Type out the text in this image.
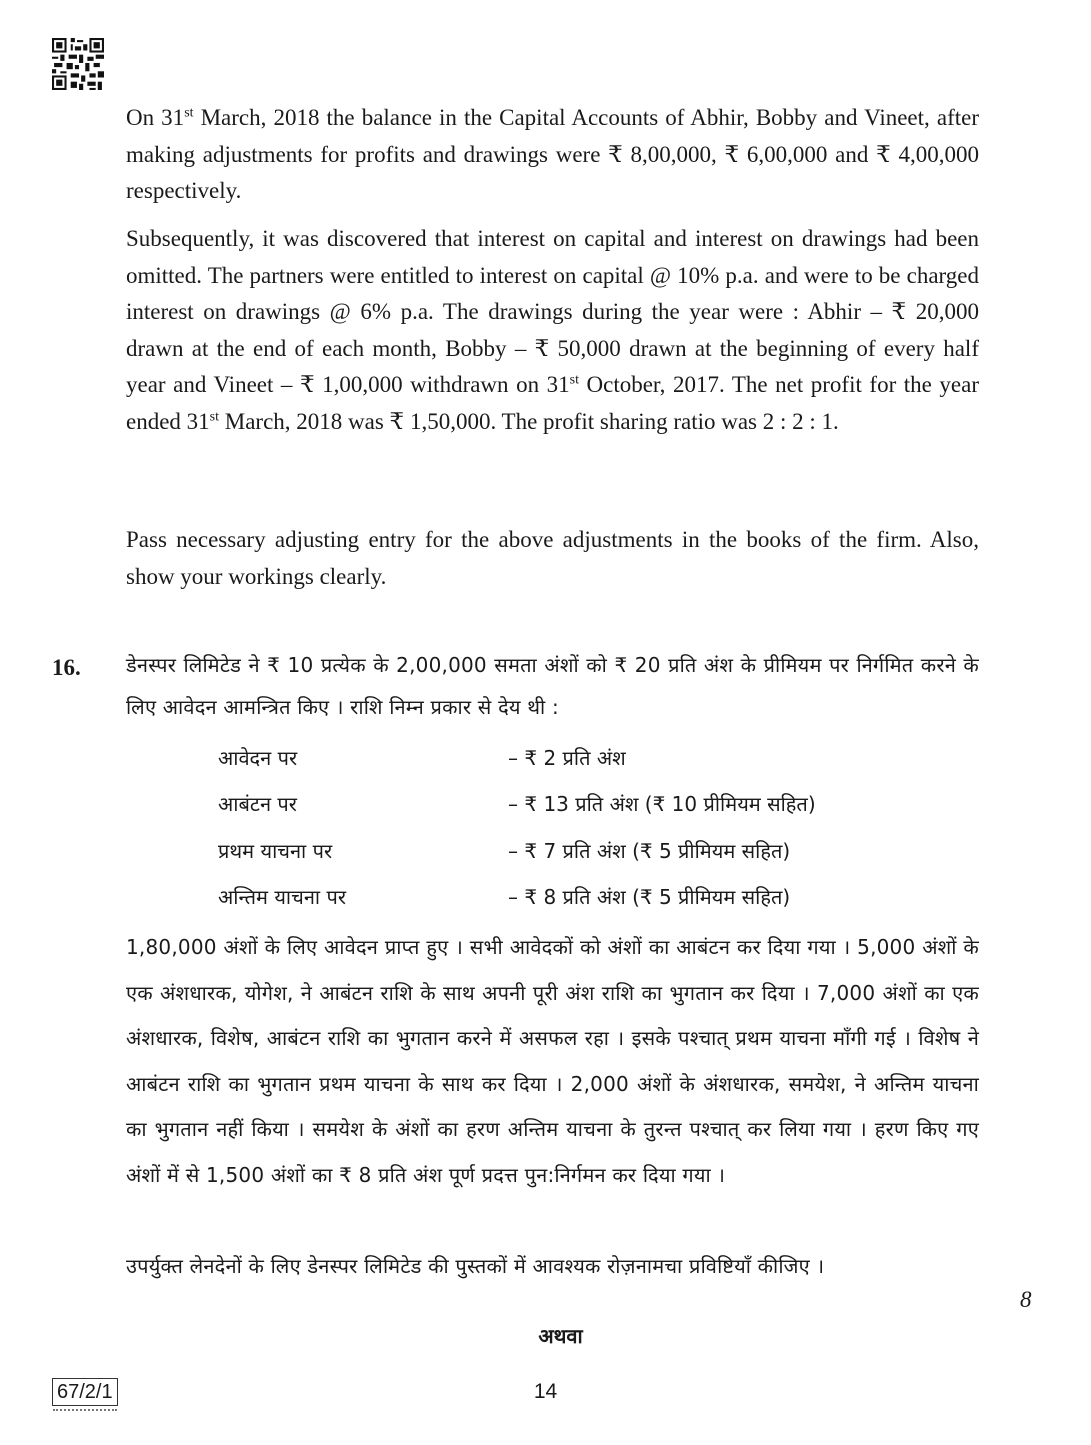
On 31st March, 2018 the balance in the Capital Accounts of Abhir, Bobby and Vineet, after making adjustments for profits and drawings were ₹ 8,00,000, ₹ 6,00,000 and ₹ 4,00,000 respectively.

Subsequently, it was discovered that interest on capital and interest on drawings had been omitted. The partners were entitled to interest on capital @ 10% p.a. and were to be charged interest on drawings @ 6% p.a. The drawings during the year were : Abhir – ₹ 20,000 drawn at the end of each month, Bobby – ₹ 50,000 drawn at the beginning of every half year and Vineet – ₹ 1,00,000 withdrawn on 31st October, 2017. The net profit for the year ended 31st March, 2018 was ₹ 1,50,000. The profit sharing ratio was 2 : 2 : 1.

Pass necessary adjusting entry for the above adjustments in the books of the firm. Also, show your workings clearly.

16. डेनस्पर लिमिटेड ने ₹ 10 प्रत्येक के 2,00,000 समता अंशों को ₹ 20 प्रति अंश के प्रीमियम पर निर्गमित करने के लिए आवेदन आमन्त्रित किए । राशि निम्न प्रकार से देय थी :

आवेदन पर	– ₹ 2 प्रति अंश
आबंटन पर	– ₹ 13 प्रति अंश (₹ 10 प्रीमियम सहित)
प्रथम याचना पर	– ₹ 7 प्रति अंश (₹ 5 प्रीमियम सहित)
अन्तिम याचना पर	– ₹ 8 प्रति अंश (₹ 5 प्रीमियम सहित)

1,80,000 अंशों के लिए आवेदन प्राप्त हुए । सभी आवेदकों को अंशों का आबंटन कर दिया गया । 5,000 अंशों के एक अंशधारक, योगेश, ने आबंटन राशि के साथ अपनी पूरी अंश राशि का भुगतान कर दिया । 7,000 अंशों का एक अंशधारक, विशेष, आबंटन राशि का भुगतान करने में असफल रहा । इसके पश्चात् प्रथम याचना माँगी गई । विशेष ने आबंटन राशि का भुगतान प्रथम याचना के साथ कर दिया । 2,000 अंशों के अंशधारक, समयेश, ने अन्तिम याचना का भुगतान नहीं किया । समयेश के अंशों का हरण अन्तिम याचना के तुरन्त पश्चात् कर लिया गया । हरण किए गए अंशों में से 1,500 अंशों का ₹ 8 प्रति अंश पूर्ण प्रदत्त पुन:निर्गमन कर दिया गया ।

उपर्युक्त लेनदेनों के लिए डेनस्पर लिमिटेड की पुस्तकों में आवश्यक रोज़नामचा प्रविष्टियाँ कीजिए ।

8
अथवा
67/2/1	14
